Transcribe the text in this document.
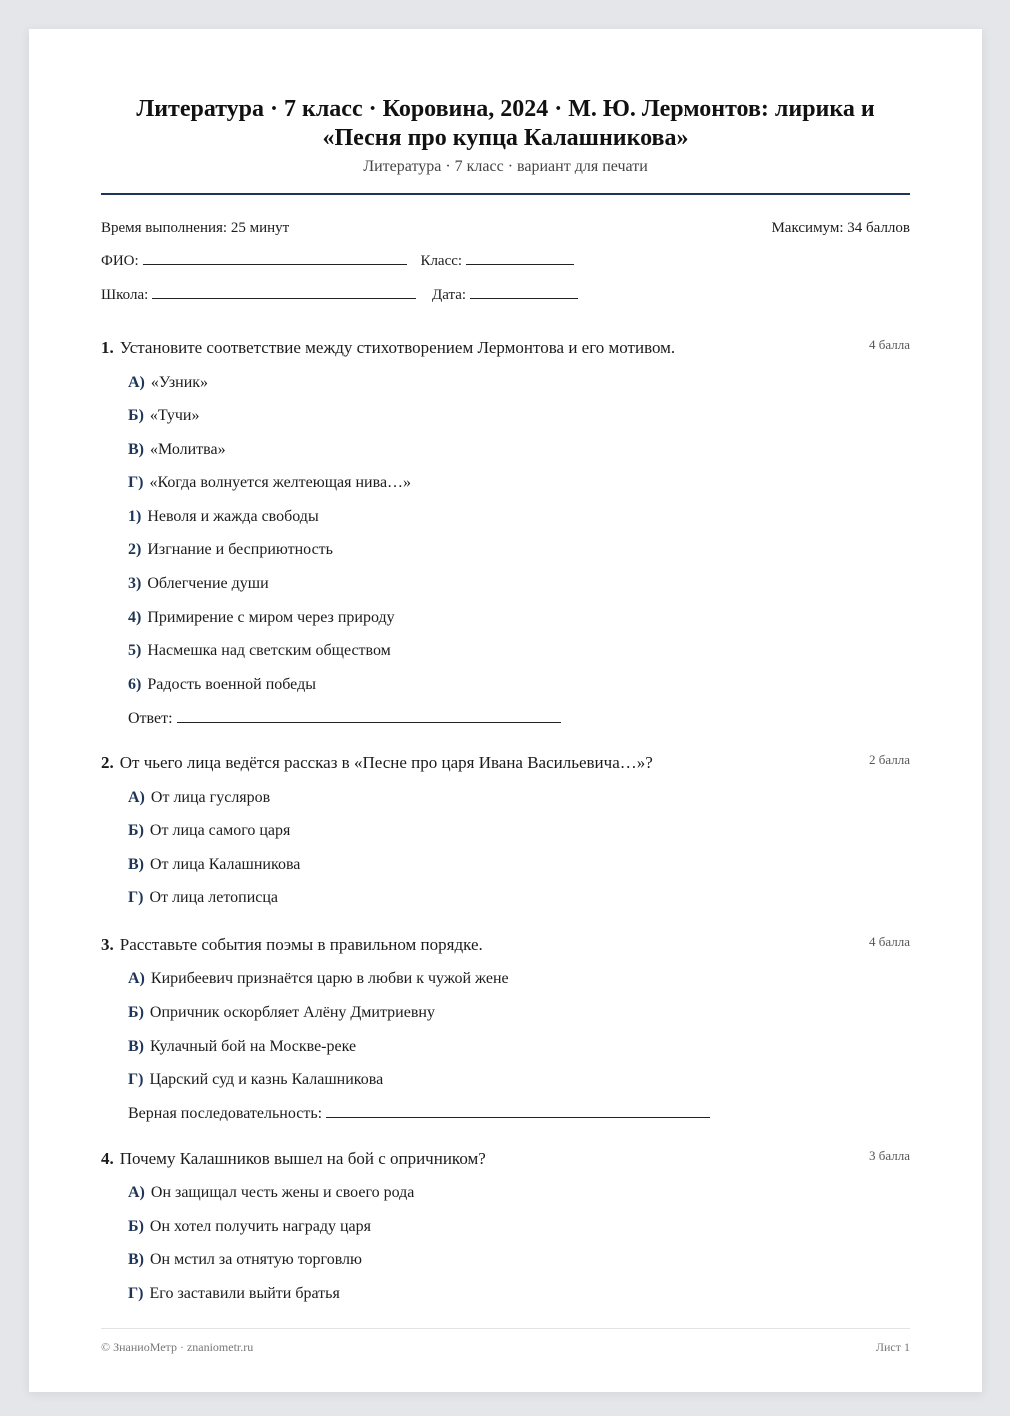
Литература · 7 класс · Коровина, 2024 · М. Ю. Лермонтов: лирика и
«Песня про купца Калашникова»
Литература · 7 класс · вариант для печати
Время выполнения: 25 минут	Максимум: 34 баллов
ФИО:	Класс:
Школа:	Дата:
1. Установите соответствие между стихотворением Лермонтова и его мотивом.	4 балла
А) «Узник»
Б) «Тучи»
В) «Молитва»
Г) «Когда волнуется желтеющая нива…»
1) Неволя и жажда свободы
2) Изгнание и бесприютность
3) Облегчение души
4) Примирение с миром через природу
5) Насмешка над светским обществом
6) Радость военной победы
Ответ:
2. От чьего лица ведётся рассказ в «Песне про царя Ивана Васильевича…»?	2 балла
А) От лица гусляров
Б) От лица самого царя
В) От лица Калашникова
Г) От лица летописца
3. Расставьте события поэмы в правильном порядке.	4 балла
А) Кирибеевич признаётся царю в любви к чужой жене
Б) Опричник оскорбляет Алёну Дмитриевну
В) Кулачный бой на Москве-реке
Г) Царский суд и казнь Калашникова
Верная последовательность:
4. Почему Калашников вышел на бой с опричником?	3 балла
А) Он защищал честь жены и своего рода
Б) Он хотел получить награду царя
В) Он мстил за отнятую торговлю
Г) Его заставили выйти братья
© ЗнаниоМетр · znaniometr.ru	Лист 1
